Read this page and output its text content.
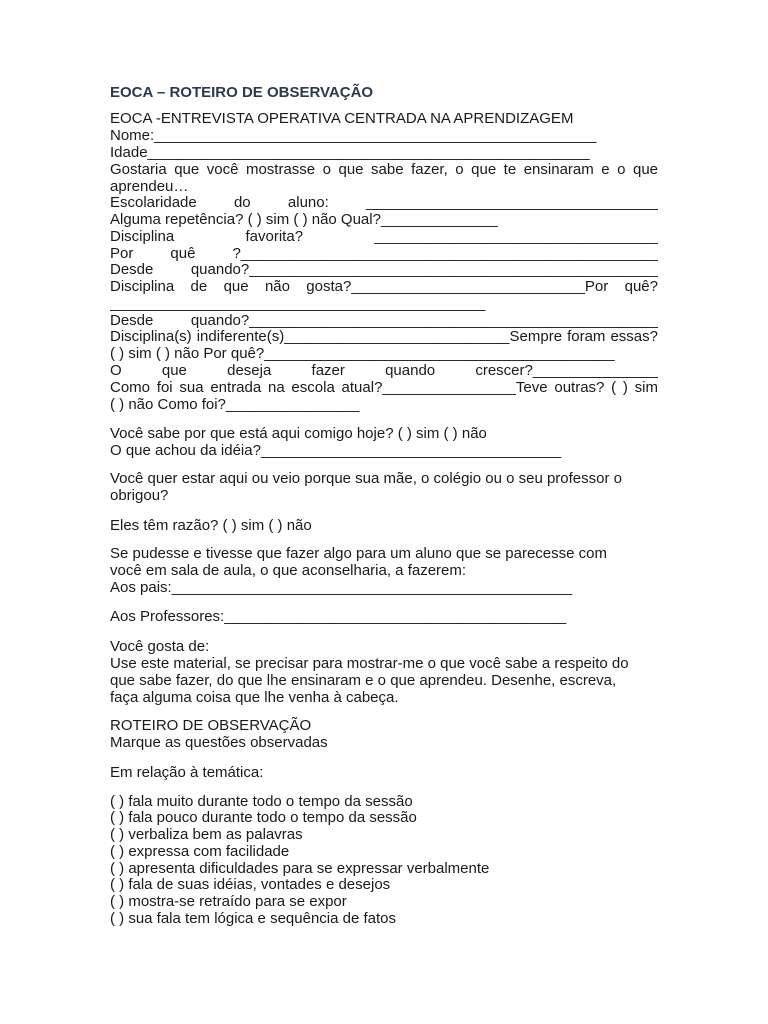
EOCA – ROTEIRO DE OBSERVAÇÃO
EOCA -ENTREVISTA OPERATIVA CENTRADA NA APRENDIZAGEM
Nome:_____________________________________________________
Idade_____________________________________________________
Gostaria que você mostrasse o que sabe fazer, o que te ensinaram e o que
aprendeu…
Escolaridade do aluno: ___________________________________
Alguma repetência? ( ) sim ( ) não Qual?______________
Disciplina favorita? __________________________________
Por quê ?__________________________________________________
Desde quando?_________________________________________________
Disciplina de que não gosta?____________________________Por quê?
_____________________________________________
Desde quando?_________________________________________________
Disciplina(s) indiferente(s)___________________________Sempre foram essas?
( ) sim ( ) não Por quê?__________________________________________
O que deseja fazer quando crescer?_______________
Como foi sua entrada na escola atual?________________Teve outras? ( ) sim
( ) não Como foi?________________
Você sabe por que está aqui comigo hoje? ( ) sim ( ) não
O que achou da idéia?____________________________________
Você quer estar aqui ou veio porque sua mãe, o colégio ou o seu professor o
obrigou?
Eles têm razão? ( ) sim ( ) não
Se pudesse e tivesse que fazer algo para um aluno que se parecesse com
você em sala de aula, o que aconselharia, a fazerem:
Aos pais:________________________________________________
Aos Professores:_________________________________________
Você gosta de:
Use este material, se precisar para mostrar-me o que você sabe a respeito do
que sabe fazer, do que lhe ensinaram e o que aprendeu. Desenhe, escreva,
faça alguma coisa que lhe venha à cabeça.
ROTEIRO DE OBSERVAÇÃO
Marque as questões observadas
Em relação à temática:
( ) fala muito durante todo o tempo da sessão
( ) fala pouco durante todo o tempo da sessão
( ) verbaliza bem as palavras
( ) expressa com facilidade
( ) apresenta dificuldades para se expressar verbalmente
( ) fala de suas idéias, vontades e desejos
( ) mostra-se retraído para se expor
( ) sua fala tem lógica e sequência de fatos
